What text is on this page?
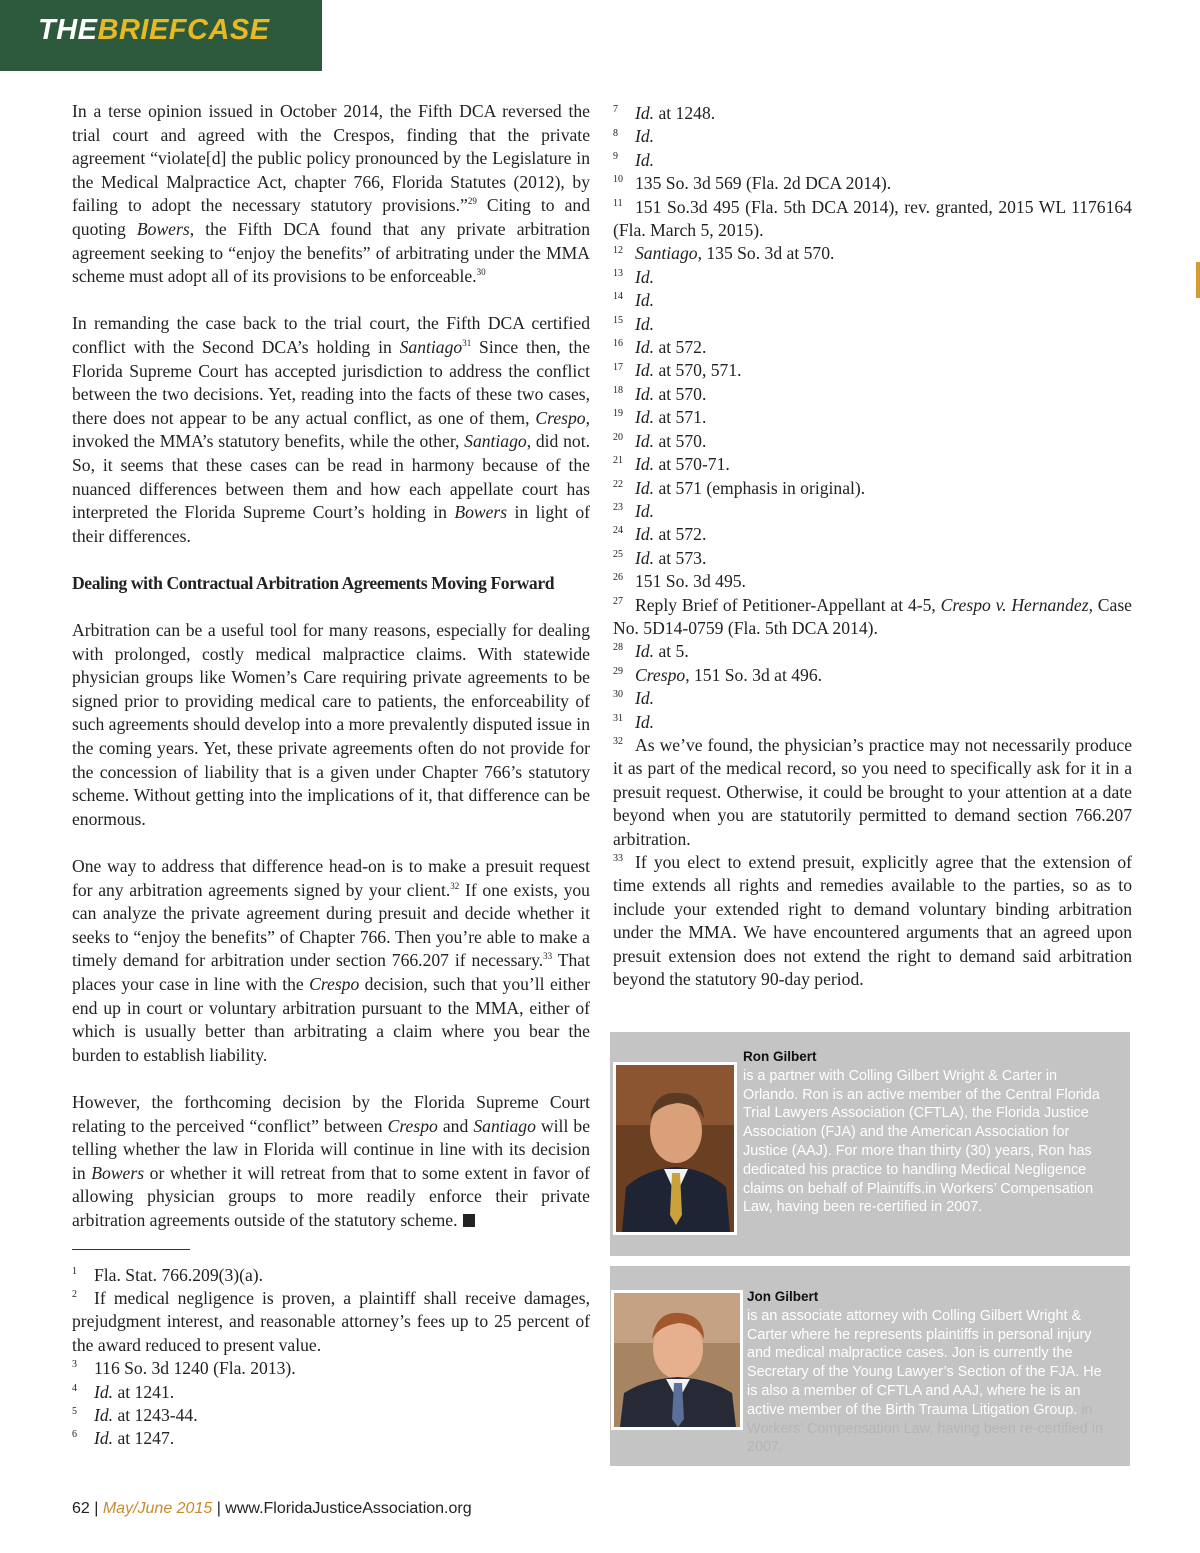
THEBRIEFCASE

In a terse opinion issued in October 2014, the Fifth DCA reversed the trial court and agreed with the Crespos, finding that the private agreement “violate[d] the public policy pronounced by the Legislature in the Medical Malpractice Act, chapter 766, Florida Statutes (2012), by failing to adopt the necessary statutory provisions.”$^{29}$ Citing to and quoting Bowers, the Fifth DCA found that any private arbitration agreement seeking to “enjoy the benefits” of arbitrating under the MMA scheme must adopt all of its provisions to be enforceable.$^{30}$

In remanding the case back to the trial court, the Fifth DCA certified conflict with the Second DCA’s holding in Santiago$^{31}$ Since then, the Florida Supreme Court has accepted jurisdiction to address the conflict between the two decisions. Yet, reading into the facts of these two cases, there does not appear to be any actual conflict, as one of them, Crespo, invoked the MMA’s statutory benefits, while the other, Santiago, did not. So, it seems that these cases can be read in harmony because of the nuanced differences between them and how each appellate court has interpreted the Florida Supreme Court’s holding in Bowers in light of their differences.

Dealing with Contractual Arbitration Agreements Moving Forward

Arbitration can be a useful tool for many reasons, especially for dealing with prolonged, costly medical malpractice claims. With statewide physician groups like Women’s Care requiring private agreements to be signed prior to providing medical care to patients, the enforceability of such agreements should develop into a more prevalently disputed issue in the coming years. Yet, these private agreements often do not provide for the concession of liability that is a given under Chapter 766’s statutory scheme. Without getting into the implications of it, that difference can be enormous.

One way to address that difference head-on is to make a presuit request for any arbitration agreements signed by your client.$^{32}$ If one exists, you can analyze the private agreement during presuit and decide whether it seeks to “enjoy the benefits” of Chapter 766. Then you’re able to make a timely demand for arbitration under section 766.207 if necessary.$^{33}$ That places your case in line with the Crespo decision, such that you’ll either end up in court or voluntary arbitration pursuant to the MMA, either of which is usually better than arbitrating a claim where you bear the burden to establish liability.

However, the forthcoming decision by the Florida Supreme Court relating to the perceived “conflict” between Crespo and Santiago will be telling whether the law in Florida will continue in line with its decision in Bowers or whether it will retreat from that to some extent in favor of allowing physician groups to more readily enforce their private arbitration agreements outside of the statutory scheme.

1 Fla. Stat. 766.209(3)(a).
2 If medical negligence is proven, a plaintiff shall receive damages, prejudgment interest, and reasonable attorney’s fees up to 25 percent of the award reduced to present value.
3 116 So. 3d 1240 (Fla. 2013).
4 Id. at 1241.
5 Id. at 1243-44.
6 Id. at 1247.
7 Id. at 1248.
8 Id.
9 Id.
10 135 So. 3d 569 (Fla. 2d DCA 2014).
11 151 So.3d 495 (Fla. 5th DCA 2014), rev. granted, 2015 WL 1176164 (Fla. March 5, 2015).
12 Santiago, 135 So. 3d at 570.
13 Id.
14 Id.
15 Id.
16 Id. at 572.
17 Id. at 570, 571.
18 Id. at 570.
19 Id. at 571.
20 Id. at 570.
21 Id. at 570-71.
22 Id. at 571 (emphasis in original).
23 Id.
24 Id. at 572.
25 Id. at 573.
26 151 So. 3d 495.
27 Reply Brief of Petitioner-Appellant at 4-5, Crespo v. Hernandez, Case No. 5D14-0759 (Fla. 5th DCA 2014).
28 Id. at 5.
29 Crespo, 151 So. 3d at 496.
30 Id.
31 Id.
32 As we’ve found, the physician’s practice may not necessarily produce it as part of the medical record, so you need to specifically ask for it in a presuit request. Otherwise, it could be brought to your attention at a date beyond when you are statutorily permitted to demand section 766.207 arbitration.
33 If you elect to extend presuit, explicitly agree that the extension of time extends all rights and remedies available to the parties, so as to include your extended right to demand voluntary binding arbitration under the MMA. We have encountered arguments that an agreed upon presuit extension does not extend the right to demand said arbitration beyond the statutory 90-day period.
Ron Gilbert
is a partner with Colling Gilbert Wright & Carter in Orlando. Ron is an active member of the Central Florida Trial Lawyers Association (CFTLA), the Florida Justice Association (FJA) and the American Association for Justice (AAJ). For more than thirty (30) years, Ron has dedicated his practice to handling Medical Negligence claims on behalf of Plaintiffs.in Workers’ Compensation Law, having been re-certified in 2007.
Jon Gilbert
is an associate attorney with Colling Gilbert Wright & Carter where he represents plaintiffs in personal injury and medical malpractice cases. Jon is currently the Secretary of the Young Lawyer’s Section of the FJA. He is also a member of CFTLA and AAJ, where he is an active member of the Birth Trauma Litigation Group. in Workers’ Compensation Law, having been re-certified in 2007.
62 | May/June 2015 | www.FloridaJusticeAssociation.org
